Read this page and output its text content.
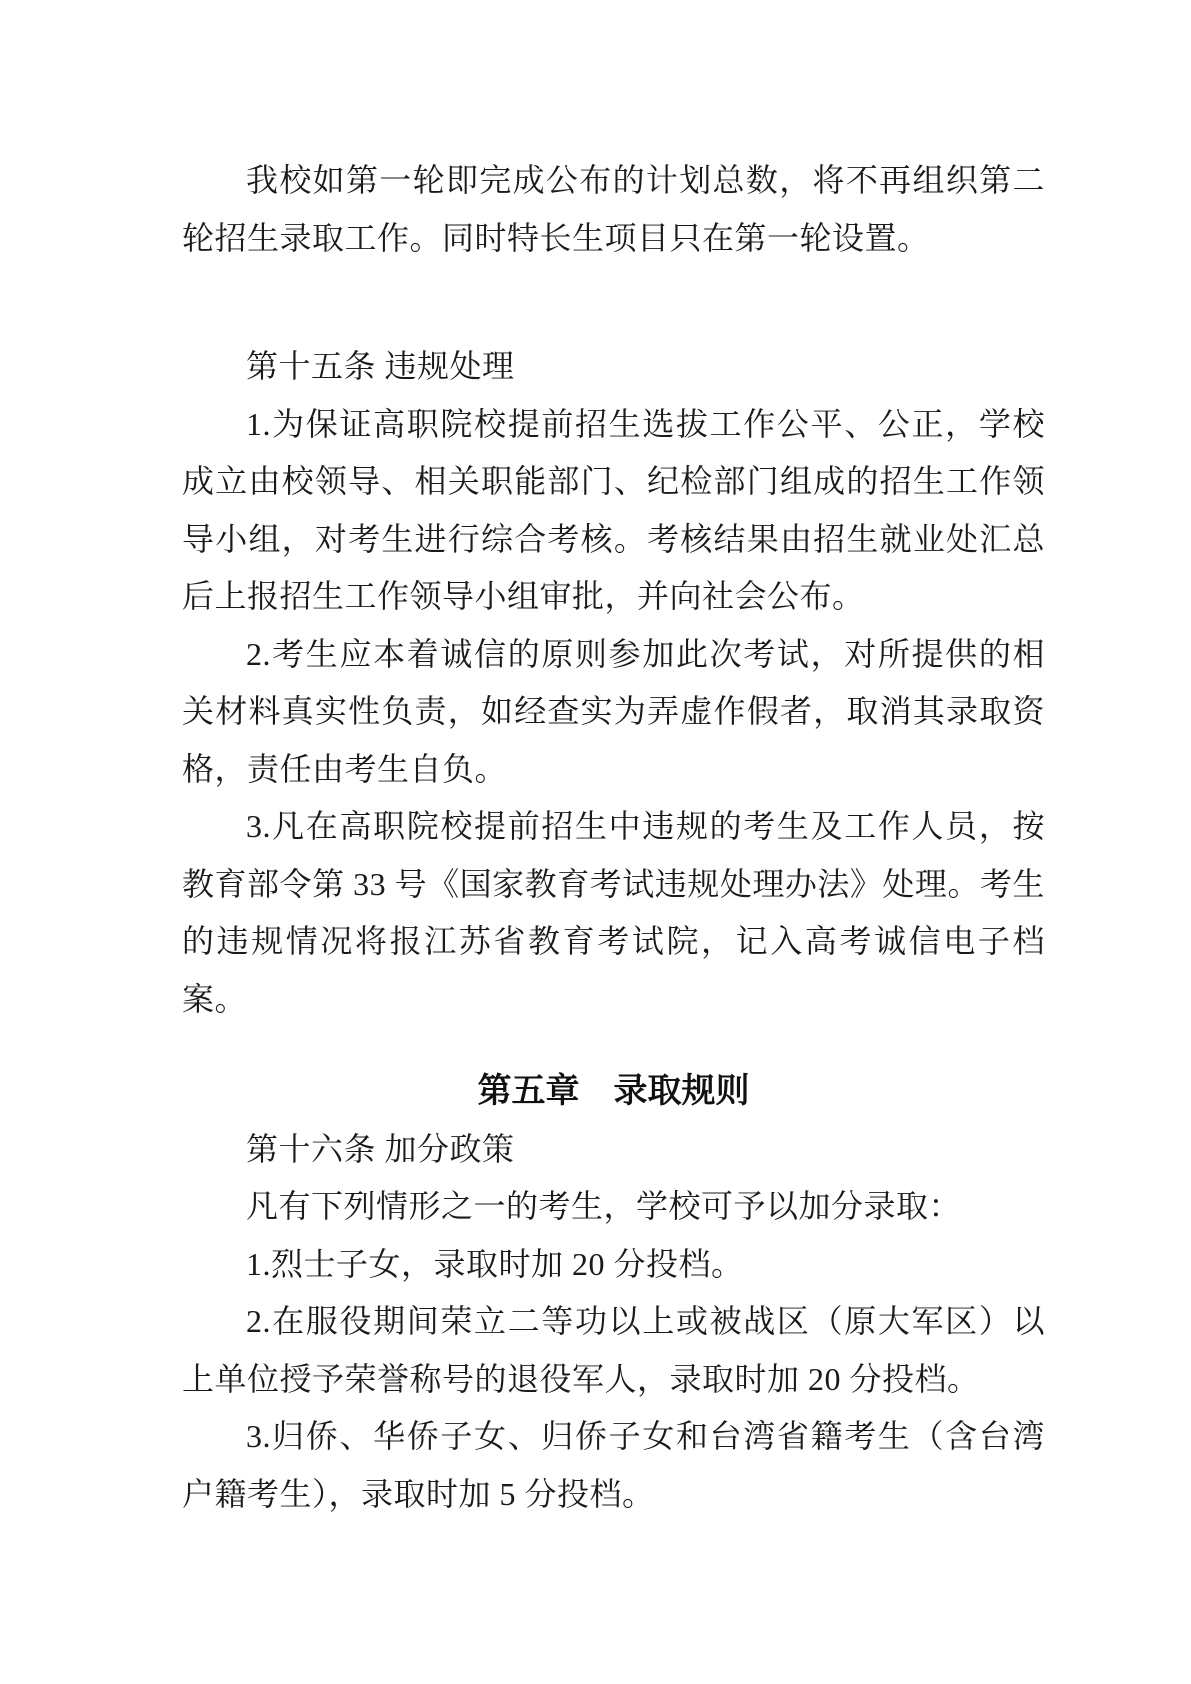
我校如第一轮即完成公布的计划总数，将不再组织第二轮招生录取工作。同时特长生项目只在第一轮设置。

第十五条 违规处理

1.为保证高职院校提前招生选拔工作公平、公正，学校成立由校领导、相关职能部门、纪检部门组成的招生工作领导小组，对考生进行综合考核。考核结果由招生就业处汇总后上报招生工作领导小组审批，并向社会公布。

2.考生应本着诚信的原则参加此次考试，对所提供的相关材料真实性负责，如经查实为弄虚作假者，取消其录取资格，责任由考生自负。

3.凡在高职院校提前招生中违规的考生及工作人员，按教育部令第 33 号《国家教育考试违规处理办法》处理。考生的违规情况将报江苏省教育考试院，记入高考诚信电子档案。

第五章　录取规则

第十六条 加分政策

凡有下列情形之一的考生，学校可予以加分录取：

1.烈士子女，录取时加 20 分投档。

2.在服役期间荣立二等功以上或被战区（原大军区）以上单位授予荣誉称号的退役军人，录取时加 20 分投档。

3.归侨、华侨子女、归侨子女和台湾省籍考生（含台湾户籍考生），录取时加 5 分投档。
